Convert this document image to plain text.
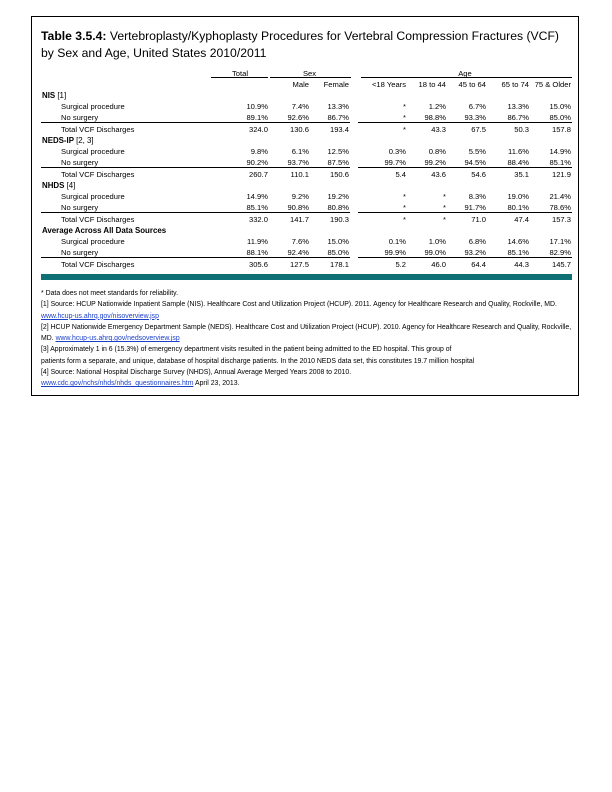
Table 3.5.4: Vertebroplasty/Kyphoplasty Procedures for Vertebral Compression Fractures (VCF) by Sex and Age, United States 2010/2011
	Total	Sex			Age				
		Male	Female		<18 Years	18 to 44	45 to 64	65 to 74	75 & Older
NIS [1]									
Surgical procedure	10.9%	7.4%	13.3%		*	1.2%	6.7%	13.3%	15.0%
No surgery	89.1%	92.6%	86.7%		*	98.8%	93.3%	86.7%	85.0%
Total VCF Discharges	324.0	130.6	193.4		*	43.3	67.5	50.3	157.8
NEDS-IP [2, 3]									
Surgical procedure	9.8%	6.1%	12.5%		0.3%	0.8%	5.5%	11.6%	14.9%
No surgery	90.2%	93.7%	87.5%		99.7%	99.2%	94.5%	88.4%	85.1%
Total VCF Discharges	260.7	110.1	150.6		5.4	43.6	54.6	35.1	121.9
NHDS [4]									
Surgical procedure	14.9%	9.2%	19.2%		*	*	8.3%	19.0%	21.4%
No surgery	85.1%	90.8%	80.8%		*	*	91.7%	80.1%	78.6%
Total VCF Discharges	332.0	141.7	190.3		*	*	71.0	47.4	157.3
Average Across All Data Sources									
Surgical procedure	11.9%	7.6%	15.0%		0.1%	1.0%	6.8%	14.6%	17.1%
No surgery	88.1%	92.4%	85.0%		99.9%	99.0%	93.2%	85.1%	82.9%
Total VCF Discharges	305.6	127.5	178.1		5.2	46.0	64.4	44.3	145.7

* Data does not meet standards for reliability.

[1] Source: HCUP Nationwide Inpatient Sample (NIS). Healthcare Cost and Utilization Project (HCUP). 2011. Agency for Healthcare Research and Quality, Rockville, MD. www.hcup-us.ahrq.gov/nisoverview.jsp

[2] HCUP Nationwide Emergency Department Sample (NEDS). Healthcare Cost and Utilization Project (HCUP). 2010. Agency for Healthcare Research and Quality, Rockville, MD. www.hcup-us.ahrq.gov/nedsoverview.jsp

[3] Approximately 1 in 6 (15.3%) of emergency department visits resulted in the patient being admitted to the ED hospital. This group of

patients form a separate, and unique, database of hospital discharge patients. In the 2010 NEDS data set, this constitutes 19.7 million hospital

[4] Source: National Hospital Discharge Survey (NHDS), Annual Average Merged Years 2008 to 2010.

www.cdc.gov/nchs/nhds/nhds_questionnaires.htm April 23, 2013.
